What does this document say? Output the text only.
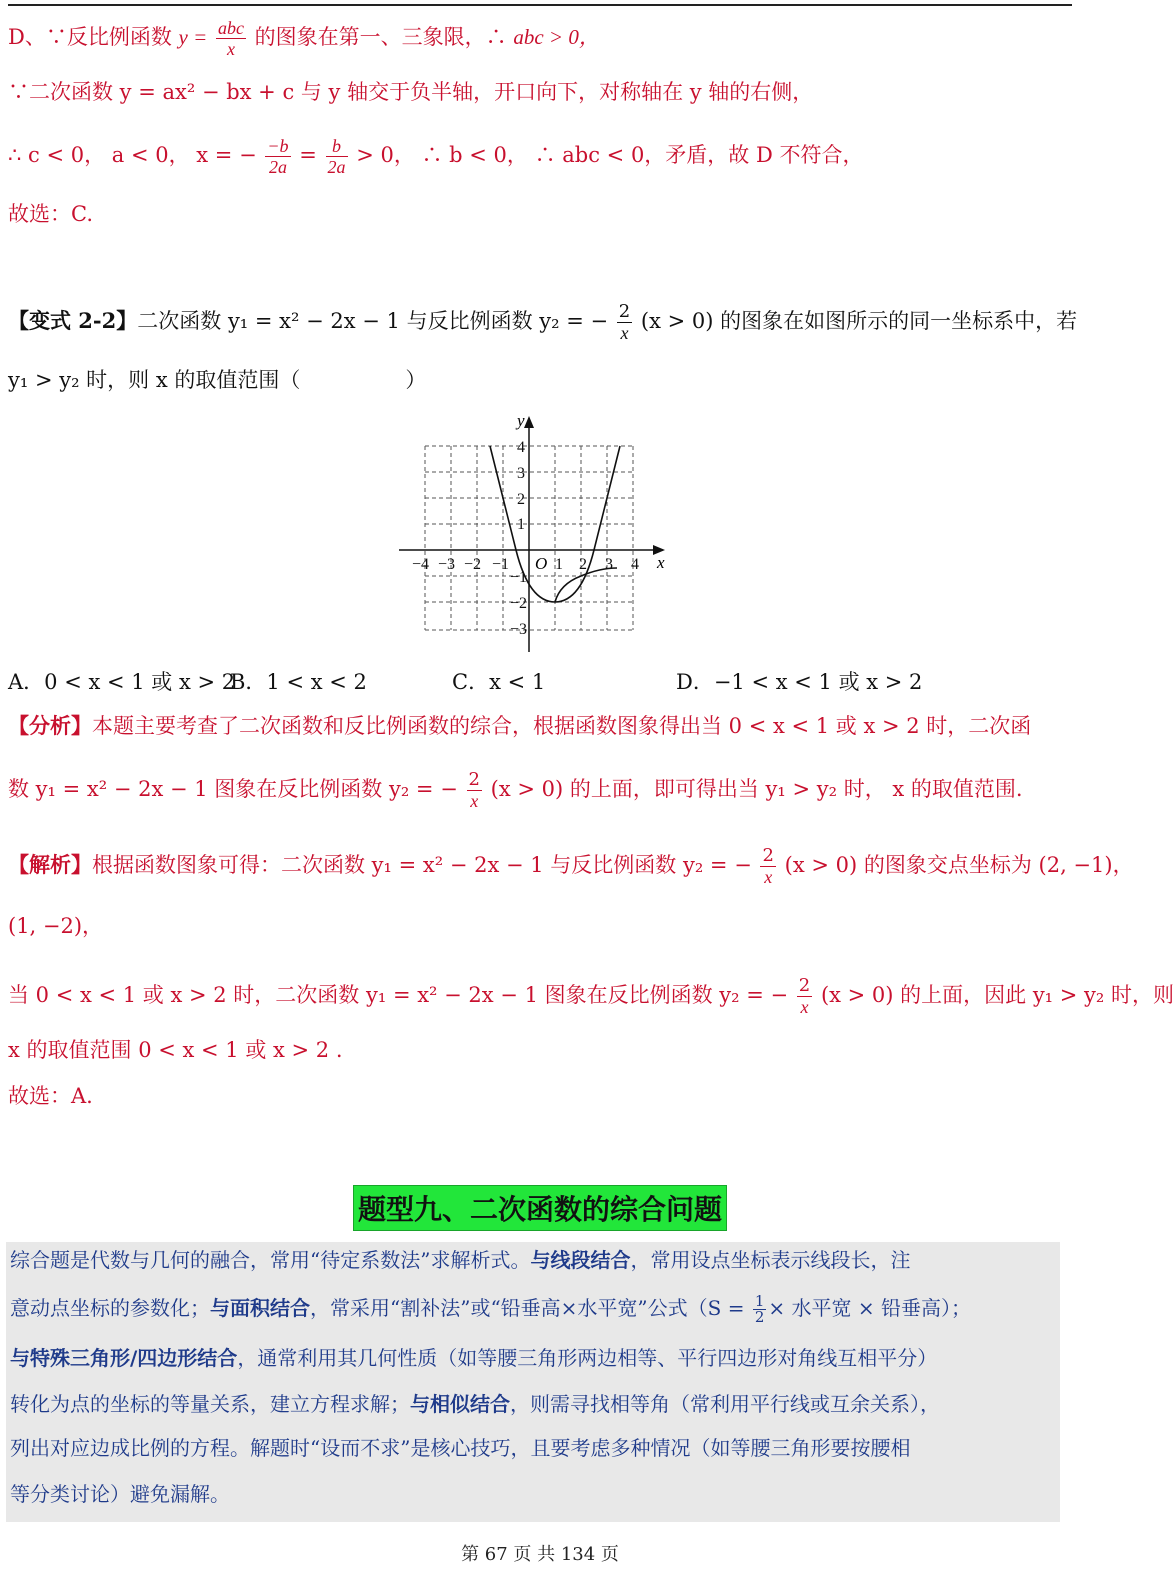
D、∵反比例函数 $y = \frac{\text{abc}}{x}$ 的图象在第一、三象限，∴ abc > 0，
∵二次函数 y = ax² − bx + c 与 y 轴交于负半轴，开口向下，对称轴在 y 轴的右侧，
∴ c < 0， a < 0， x = − $\frac{-b}{2a} = \frac{b}{2a} > 0$， ∴ b < 0， ∴ abc < 0，矛盾，故 D 不符合，
故选：C.
【变式 2-2】二次函数 y₁ = x² − 2x − 1 与反比例函数 y₂ = − $\frac{2}{x} (x > 0)$ 的图象在如图所示的同一坐标系中，若
y₁ > y₂ 时，则 x 的取值范围（　　　　　）
y
x
O
−4 −3 −2 −1	1 2 3 4
1
2
3
4
−1
−2
−3
A．0 < x < 1 或 x > 2
B．1 < x < 2	C．x < 1	D．−1 < x < 1 或 x > 2
【分析】本题主要考查了二次函数和反比例函数的综合，根据函数图象得出当 0 < x < 1 或 x > 2 时，二次函
数 y₁ = x² − 2x − 1 图象在反比例函数 y₂ = − $\frac{2}{x} (x > 0)$ 的上面，即可得出当 y₁ > y₂ 时， x 的取值范围.
【解析】根据函数图象可得：二次函数 y₁ = x² − 2x − 1 与反比例函数 y₂ = − $\frac{2}{x} (x > 0)$ 的图象交点坐标为 (2, −1)，
(1, −2)，
当 0 < x < 1 或 x > 2 时，二次函数 y₁ = x² − 2x − 1 图象在反比例函数 y₂ = − $\frac{2}{x} (x > 0)$ 的上面，因此 y₁ > y₂ 时，则
x 的取值范围 0 < x < 1 或 x > 2 .
故选：A.
题型九、二次函数的综合问题
综合题是代数与几何的融合，常用“待定系数法”求解析式。与线段结合，常用设点坐标表示线段长，注
意动点坐标的参数化；与面积结合，常采用“割补法”或“铅垂高×水平宽”公式（$S = \frac{1}{2}$ × 水平宽 × 铅垂高）；
与特殊三角形/四边形结合，通常利用其几何性质（如等腰三角形两边相等、平行四边形对角线互相平分）
转化为点的坐标的等量关系，建立方程求解；与相似结合，则需寻找相等角（常利用平行线或互余关系），
列出对应边成比例的方程。解题时“设而不求”是核心技巧，且要考虑多种情况（如等腰三角形要按腰相
等分类讨论）避免漏解。
第 67 页 共 134 页
